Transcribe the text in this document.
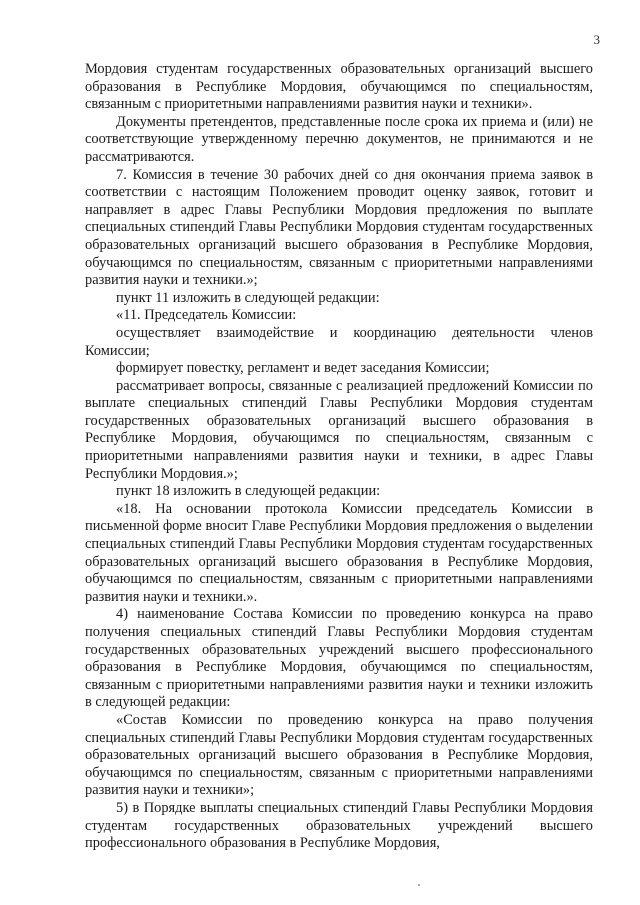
3

Мордовия студентам государственных образовательных организаций высшего образования в Республике Мордовия, обучающимся по специальностям, связанным с приоритетными направлениями развития науки и техники».

Документы претендентов, представленные после срока их приема и (или) не соответствующие утвержденному перечню документов, не принимаются и не рассматриваются.

7. Комиссия в течение 30 рабочих дней со дня окончания приема заявок в соответствии с настоящим Положением проводит оценку заявок, готовит и направляет в адрес Главы Республики Мордовия предложения по выплате специальных стипендий Главы Республики Мордовия студентам государственных образовательных организаций высшего образования в Республике Мордовия, обучающимся по специальностям, связанным с приоритетными направлениями развития науки и техники.»;

пункт 11 изложить в следующей редакции:

«11. Председатель Комиссии:

осуществляет взаимодействие и координацию деятельности членов Комиссии;

формирует повестку, регламент и ведет заседания Комиссии;

рассматривает вопросы, связанные с реализацией предложений Комиссии по выплате специальных стипендий Главы Республики Мордовия студентам государственных образовательных организаций высшего образования в Республике Мордовия, обучающимся по специальностям, связанным с приоритетными направлениями развития науки и техники, в адрес Главы Республики Мордовия.»;

пункт 18 изложить в следующей редакции:

«18. На основании протокола Комиссии председатель Комиссии в письменной форме вносит Главе Республики Мордовия предложения о выделении специальных стипендий Главы Республики Мордовия студентам государственных образовательных организаций высшего образования в Республике Мордовия, обучающимся по специальностям, связанным с приоритетными направлениями развития науки и техники.».

4) наименование Состава Комиссии по проведению конкурса на право получения специальных стипендий Главы Республики Мордовия студентам государственных образовательных учреждений высшего профессионального образования в Республике Мордовия, обучающимся по специальностям, связанным с приоритетными направлениями развития науки и техники изложить в следующей редакции:

«Состав Комиссии по проведению конкурса на право получения специальных стипендий Главы Республики Мордовия студентам государственных образовательных организаций высшего образования в Республике Мордовия, обучающимся по специальностям, связанным с приоритетными направлениями развития науки и техники»;

5) в Порядке выплаты специальных стипендий Главы Республики Мордовия студентам государственных образовательных учреждений высшего профессионального образования в Республике Мордовия,
